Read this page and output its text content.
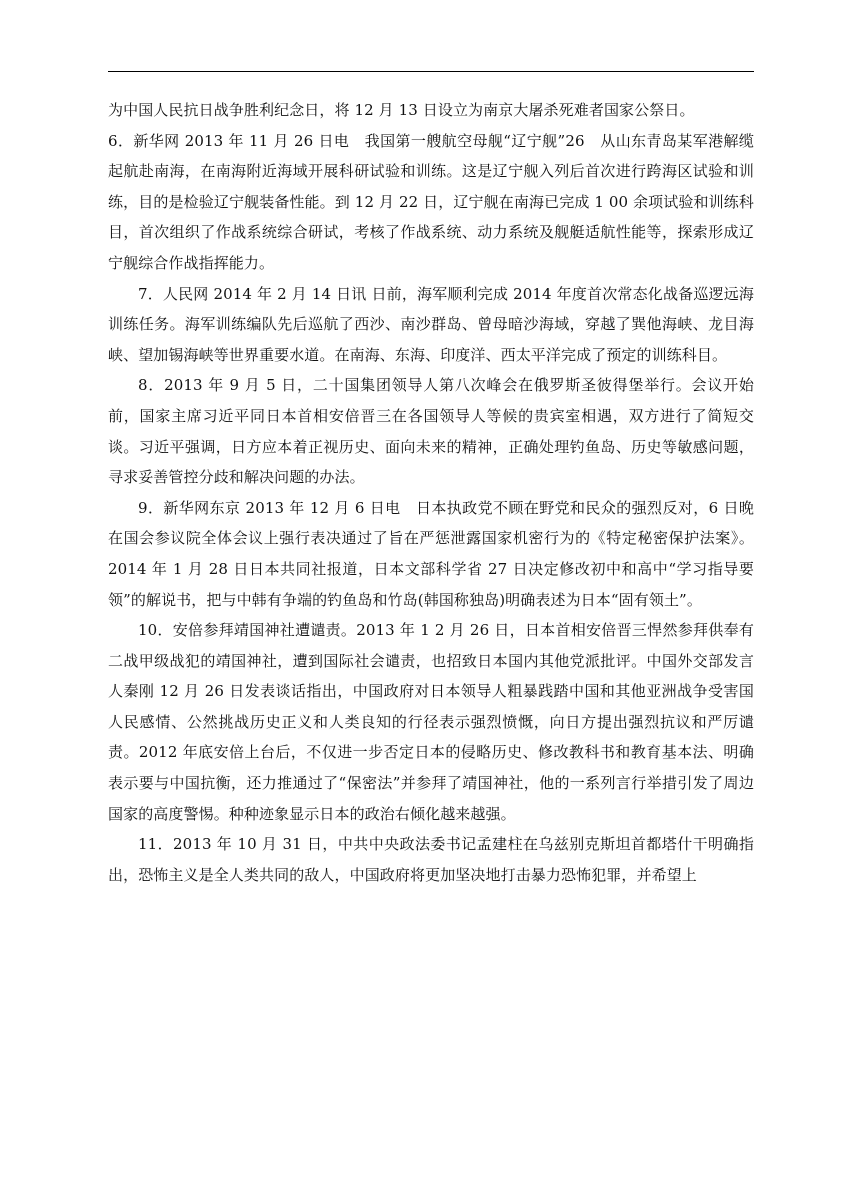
为中国人民抗日战争胜利纪念日，将 12 月 13 日设立为南京大屠杀死难者国家公祭日。

6．新华网 2013 年 11 月 26 日电　我国第一艘航空母舰“辽宁舰”26　从山东青岛某军港解缆起航赴南海，在南海附近海域开展科研试验和训练。这是辽宁舰入列后首次进行跨海区试验和训练，目的是检验辽宁舰装备性能。到 12 月 22 日，辽宁舰在南海已完成 1 00 余项试验和训练科目，首次组织了作战系统综合研试，考核了作战系统、动力系统及舰艇适航性能等，探索形成辽宁舰综合作战指挥能力。

7．人民网 2014 年 2 月 14 日讯 日前，海军顺利完成 2014 年度首次常态化战备巡逻远海训练任务。海军训练编队先后巡航了西沙、南沙群岛、曾母暗沙海域，穿越了巽他海峡、龙目海峡、望加锡海峡等世界重要水道。在南海、东海、印度洋、西太平洋完成了预定的训练科目。

8．2013 年 9 月 5 日，二十国集团领导人第八次峰会在俄罗斯圣彼得堡举行。会议开始前，国家主席习近平同日本首相安倍晋三在各国领导人等候的贵宾室相遇，双方进行了简短交谈。习近平强调，日方应本着正视历史、面向未来的精神，正确处理钓鱼岛、历史等敏感问题，寻求妥善管控分歧和解决问题的办法。

9．新华网东京 2013 年 12 月 6 日电　日本执政党不顾在野党和民众的强烈反对，6 日晚在国会参议院全体会议上强行表决通过了旨在严惩泄露国家机密行为的《特定秘密保护法案》。2014 年 1 月 28 日日本共同社报道，日本文部科学省 27 日决定修改初中和高中“学习指导要领”的解说书，把与中韩有争端的钓鱼岛和竹岛(韩国称独岛)明确表述为日本“固有领土”。

10．安倍参拜靖国神社遭谴责。2013 年 1 2 月 26 日，日本首相安倍晋三悍然参拜供奉有二战甲级战犯的靖国神社，遭到国际社会谴责，也招致日本国内其他党派批评。中国外交部发言人秦刚 12 月 26 日发表谈话指出，中国政府对日本领导人粗暴践踏中国和其他亚洲战争受害国人民感情、公然挑战历史正义和人类良知的行径表示强烈愤慨，向日方提出强烈抗议和严厉谴责。2012 年底安倍上台后，不仅进一步否定日本的侵略历史、修改教科书和教育基本法、明确表示要与中国抗衡，还力推通过了“保密法”并参拜了靖国神社，他的一系列言行举措引发了周边国家的高度警惕。种种迹象显示日本的政治右倾化越来越强。

11．2013 年 10 月 31 日，中共中央政法委书记孟建柱在乌兹别克斯坦首都塔什干明确指出，恐怖主义是全人类共同的敌人，中国政府将更加坚决地打击暴力恐怖犯罪，并希望上
